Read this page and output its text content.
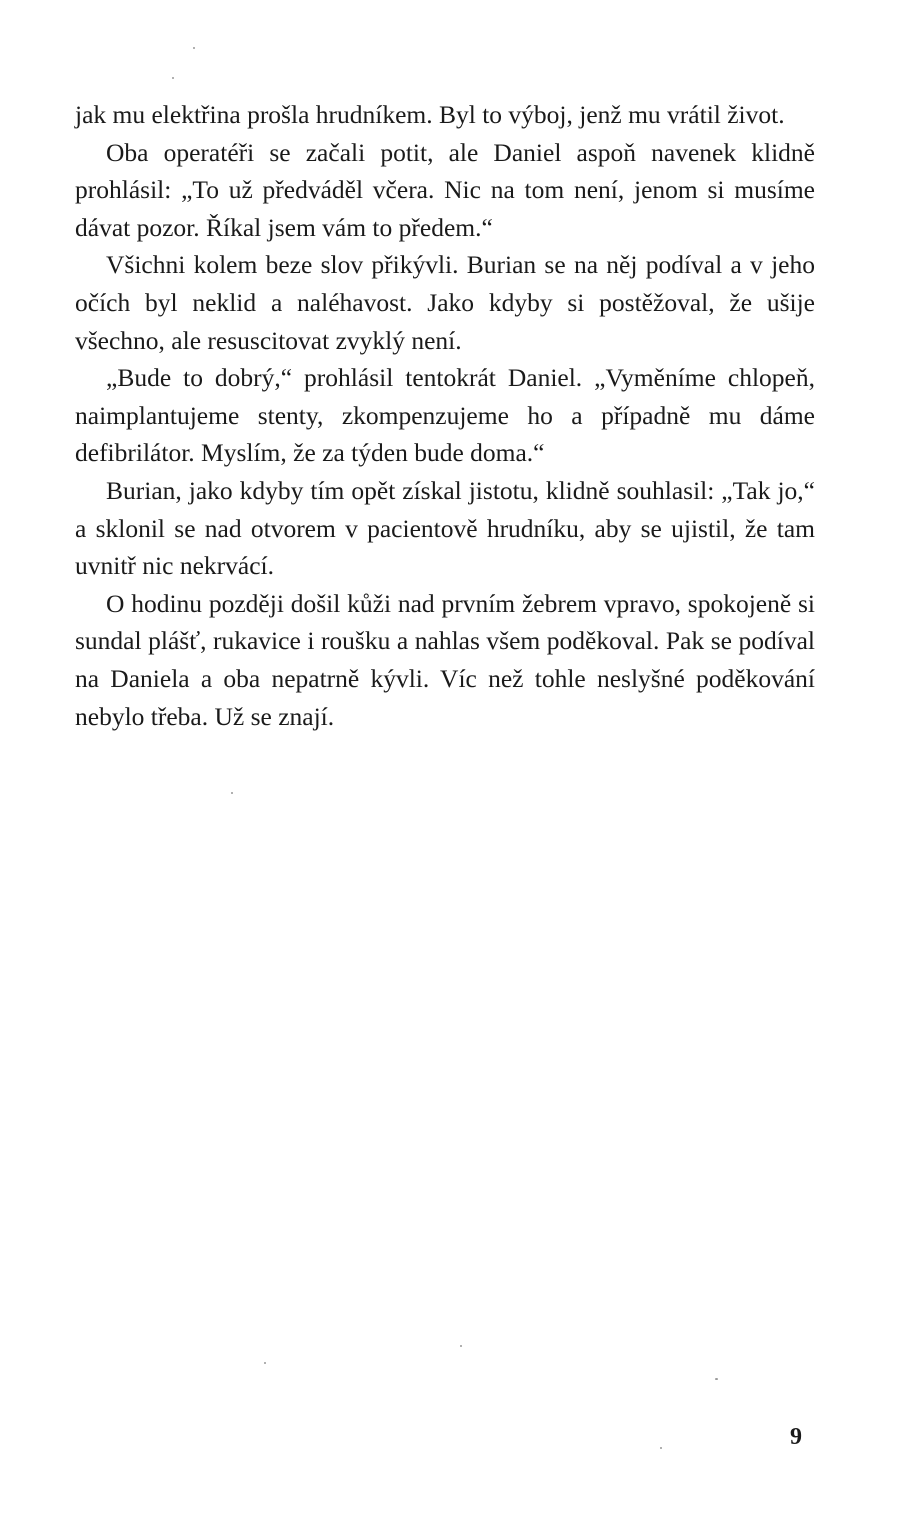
jak mu elektřina prošla hrudníkem. Byl to výboj, jenž mu vrátil život.

Oba operatéři se začali potit, ale Daniel aspoň navenek klidně prohlásil: „To už předváděl včera. Nic na tom není, jenom si musíme dávat pozor. Říkal jsem vám to předem.“

Všichni kolem beze slov přikývli. Burian se na něj podíval a v jeho očích byl neklid a naléhavost. Jako kdyby si postěžoval, že ušije všechno, ale resuscitovat zvyklý není.

„Bude to dobrý,“ prohlásil tentokrát Daniel. „Vyměníme chlopeň, naimplantujeme stenty, zkompenzujeme ho a případně mu dáme defibrilátor. Myslím, že za týden bude doma.“

Burian, jako kdyby tím opět získal jistotu, klidně souhlasil: „Tak jo,“ a sklonil se nad otvorem v pacientově hrudníku, aby se ujistil, že tam uvnitř nic nekrvácí.

O hodinu později došil kůži nad prvním žebrem vpravo, spokojeně si sundal plášť, rukavice i roušku a nahlas všem poděkoval. Pak se podíval na Daniela a oba nepatrně kývli. Víc než tohle neslyšné poděkování nebylo třeba. Už se znají.

9
